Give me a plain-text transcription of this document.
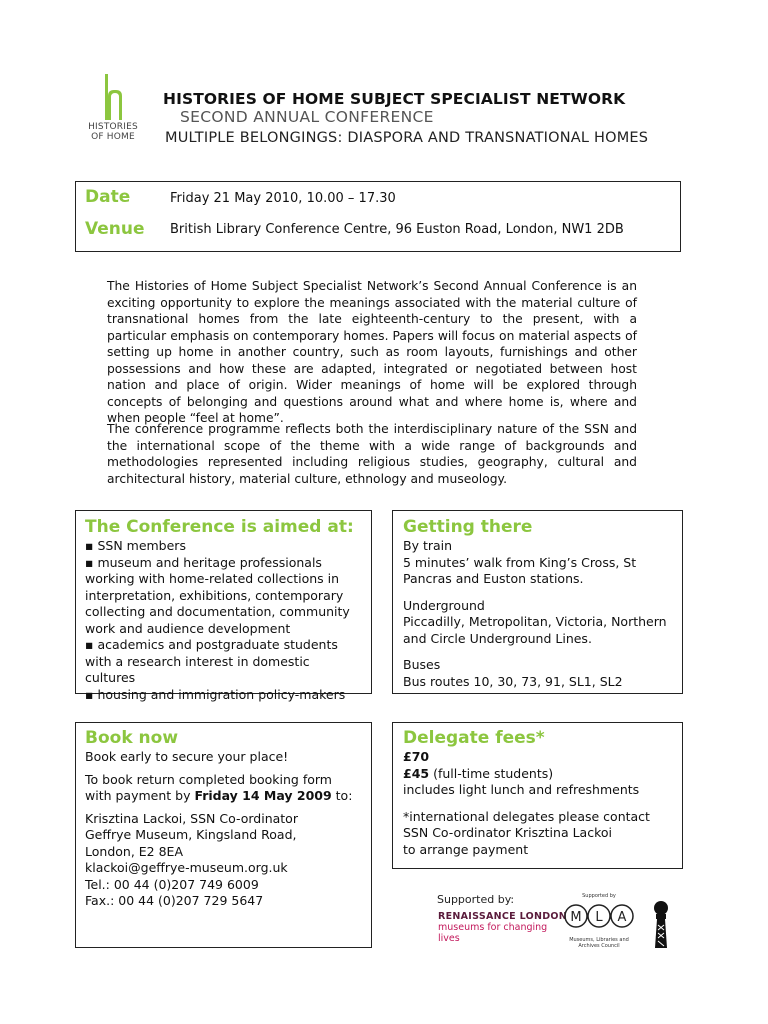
HISTORIES
OF HOME
HISTORIES OF HOME SUBJECT SPECIALIST NETWORK
SECOND ANNUAL CONFERENCE
MULTIPLE BELONGINGS: DIASPORA AND TRANSNATIONAL HOMES
Date	Friday 21 May 2010, 10.00 – 17.30
Venue British Library Conference Centre, 96 Euston Road, London, NW1 2DB
The Histories of Home Subject Specialist Network’s Second Annual Conference is an exciting opportunity to explore the meanings associated with the material culture of transnational homes from the late eighteenth-century to the present, with a particular emphasis on contemporary homes. Papers will focus on material aspects of setting up home in another country, such as room layouts, furnishings and other possessions and how these are adapted, integrated or negotiated between host nation and place of origin. Wider meanings of home will be explored through concepts of belonging and questions around what and where home is, where and when people “feel at home”.
The conference programme reflects both the interdisciplinary nature of the SSN and the international scope of the theme with a wide range of backgrounds and methodologies represented including religious studies, geography, cultural and architectural history, material culture, ethnology and museology.

The Conference is aimed at:

▪ SSN members

▪ museum and heritage professionals working with home-related collections in interpretation, exhibitions, contemporary collecting and documentation, community work and audience development

▪ academics and postgraduate students with a research interest in domestic cultures

▪ housing and immigration policy-makers

Getting there

By train

5 minutes’ walk from King’s Cross, St Pancras and Euston stations.

Underground

Piccadilly, Metropolitan, Victoria, Northern and Circle Underground Lines.

Buses

Bus routes 10, 30, 73, 91, SL1, SL2

Book now

Book early to secure your place!

To book return completed booking form with payment by Friday 14 May 2009 to:

Krisztina Lackoi, SSN Co-ordinator

Geffrye Museum, Kingsland Road,

London, E2 8EA

klackoi@geffrye-museum.org.uk

Tel.: 00 44 (0)207 749 6009

Fax.: 00 44 (0)207 729 5647

Delegate fees*

£70

£45 (full-time students)

includes light lunch and refreshments

*international delegates please contact

SSN Co-ordinator Krisztina Lackoi

to arrange payment

Supported by:
RENAISSANCE LONDON
museums for changing lives
Supported by
M L A
Museums, Libraries and
Archives Council
